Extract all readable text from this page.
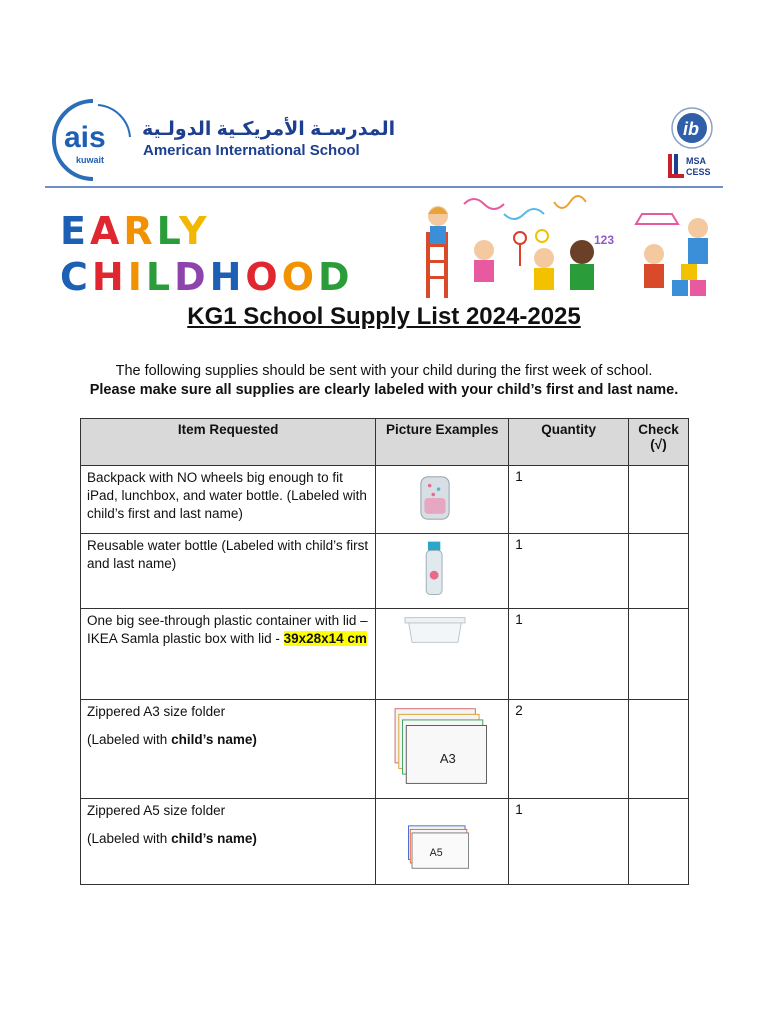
ais
kuwait
المدرسـة الأمريكـية الدولـية
American International School
ib
MSA
CESS
EARLY
CHILDHOOD
123
KG1 School Supply List 2024-2025
The following supplies should be sent with your child during the first week of school.
Please make sure all supplies are clearly labeled with your child’s first and last name.
Item Requested	Picture Examples	Quantity	Check
(√)

Backpack with NO wheels big enough to fit iPad, lunchbox, and water bottle. (Labeled with child’s first and last name)		1	

Reusable water bottle (Labeled with child’s first and last name)		1	

One big see-through plastic container with lid – IKEA Samla plastic box with lid - 39x28x14 cm		1	

Zippered A3 size folder
(Labeled with child’s name)	A3	2	

Zippered A5 size folder
(Labeled with child’s name)	A5	1	
